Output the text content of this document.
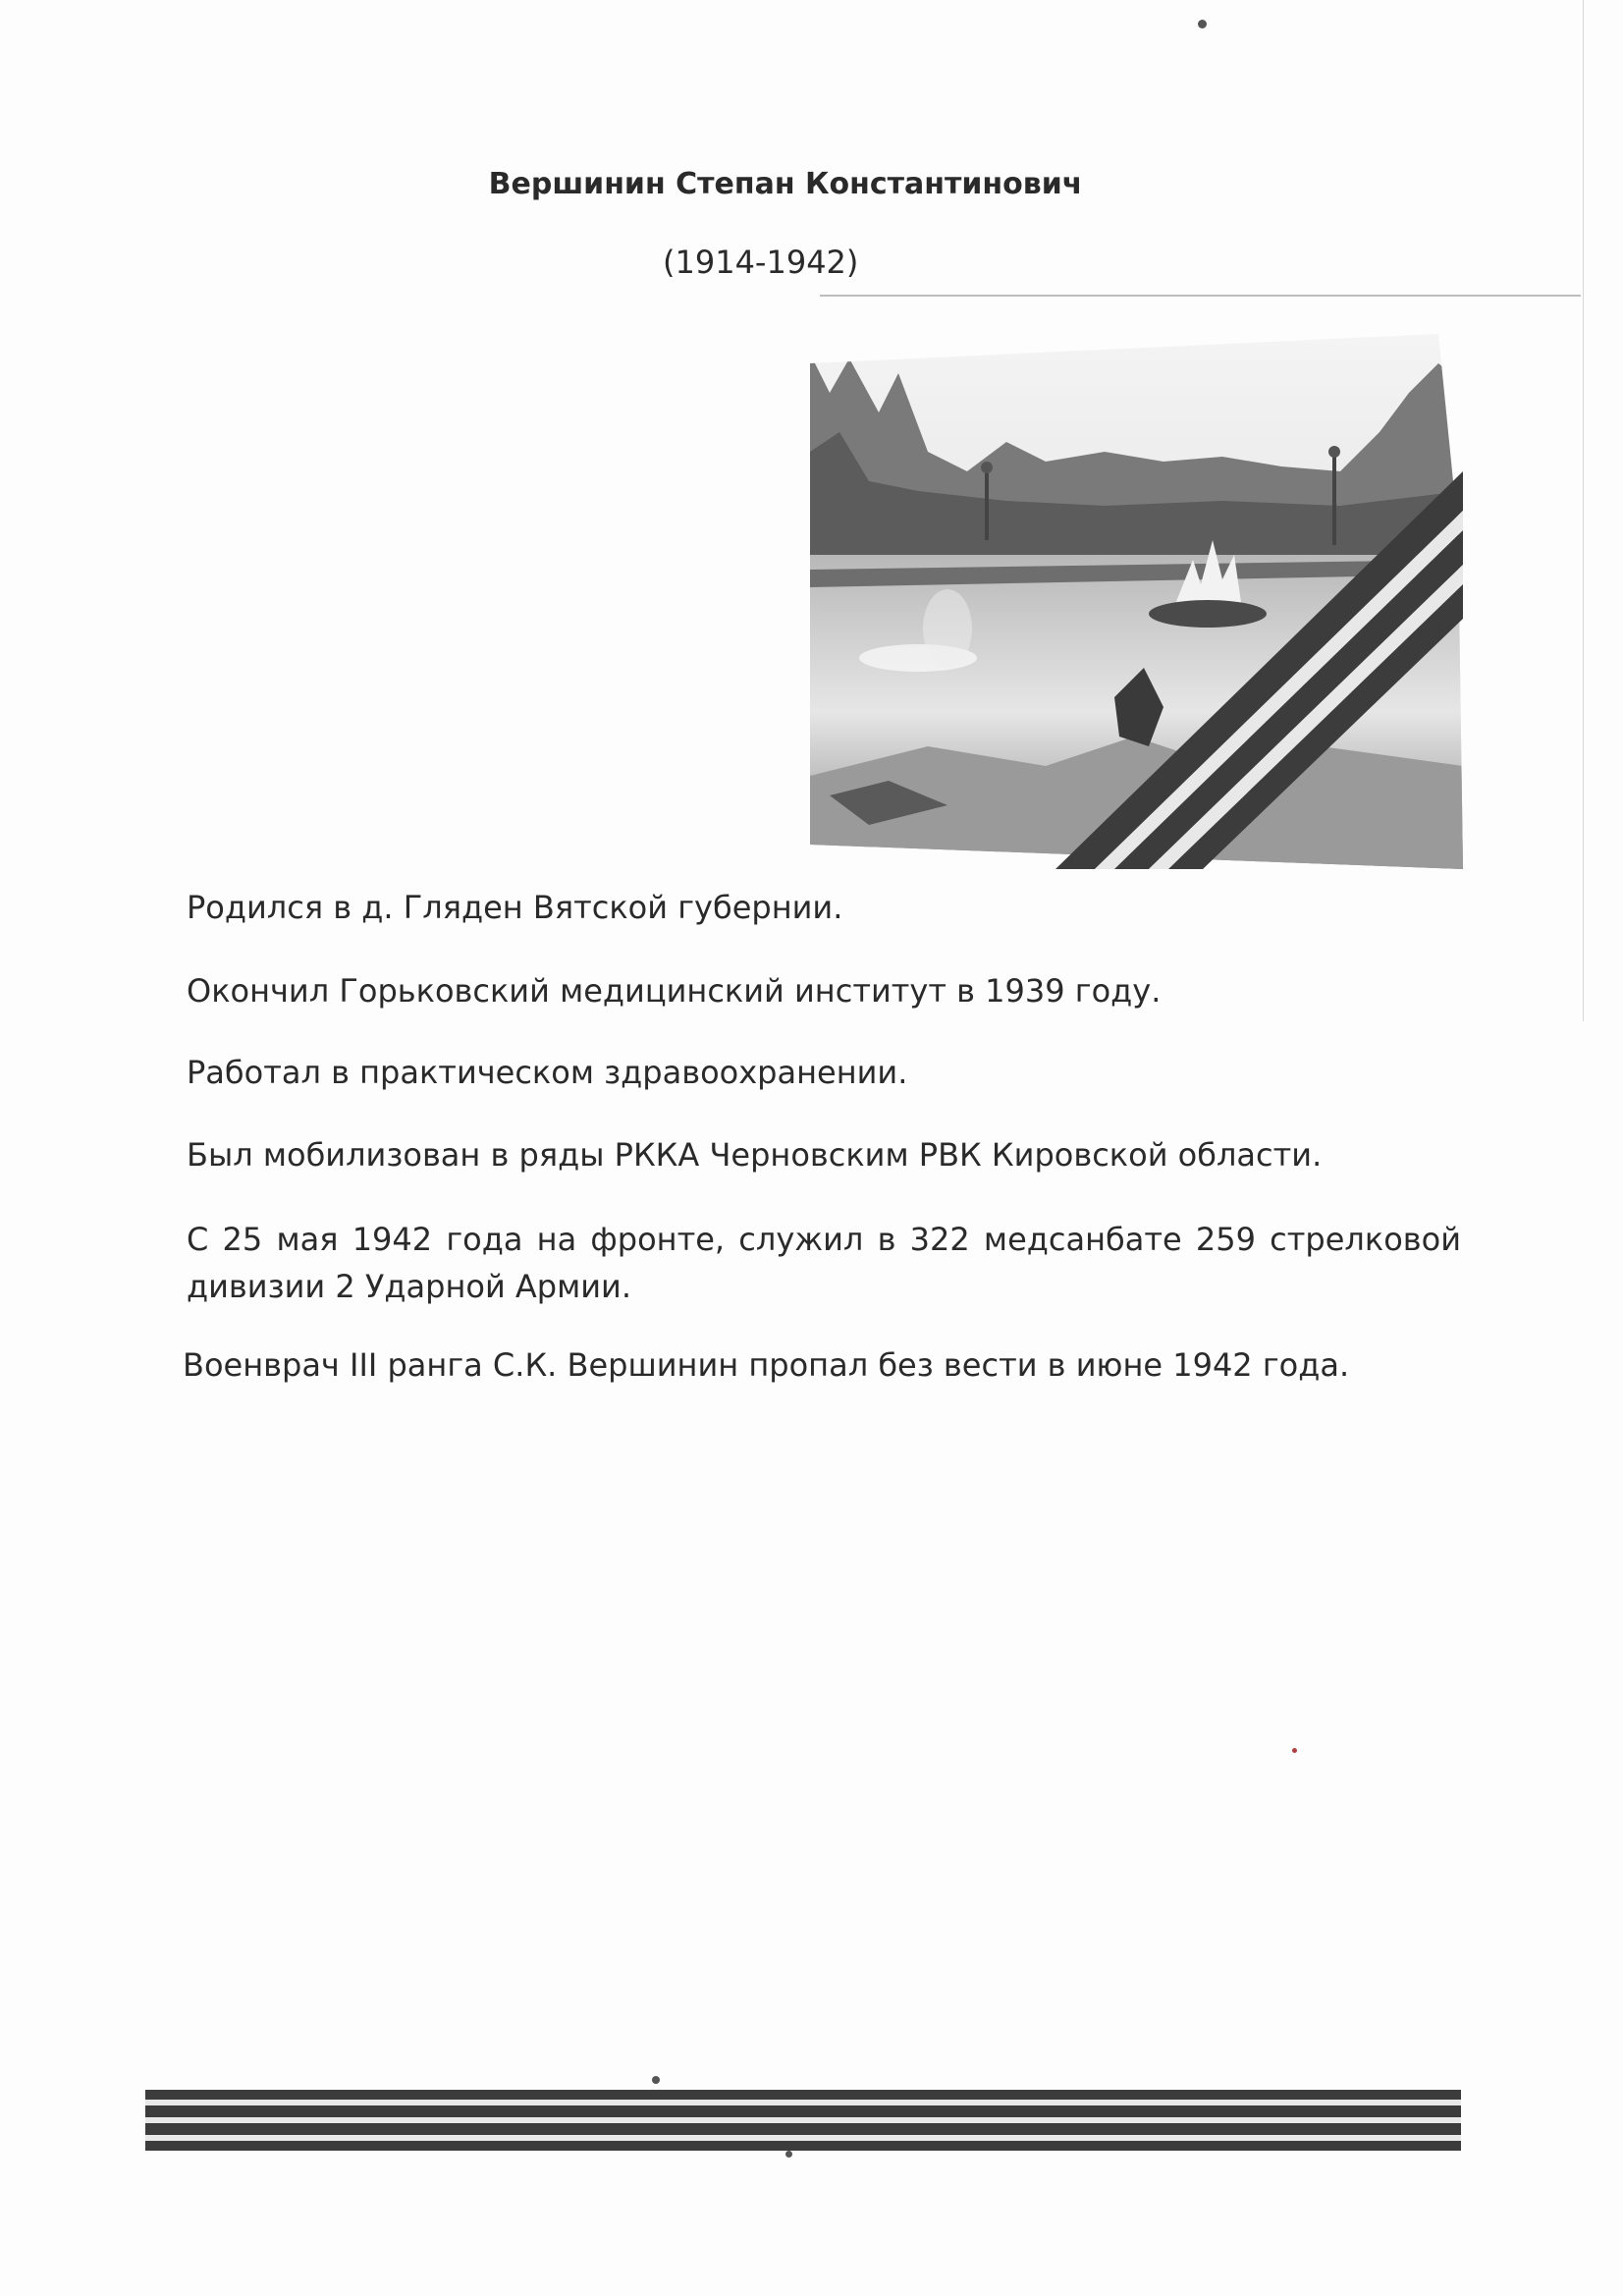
Вершинин Степан Константинович
(1914-1942)
Родился в д. Гляден Вятской губернии.
Окончил Горьковский медицинский институт в 1939 году.
Работал в практическом здравоохранении.
Был мобилизован в ряды РККА Черновским РВК Кировской области.
С 25 мая 1942 года на фронте, служил в 322 медсанбате 259 стрелковой дивизии 2 Ударной Армии.
Военврач III ранга С.К. Вершинин пропал без вести в июне 1942 года.
